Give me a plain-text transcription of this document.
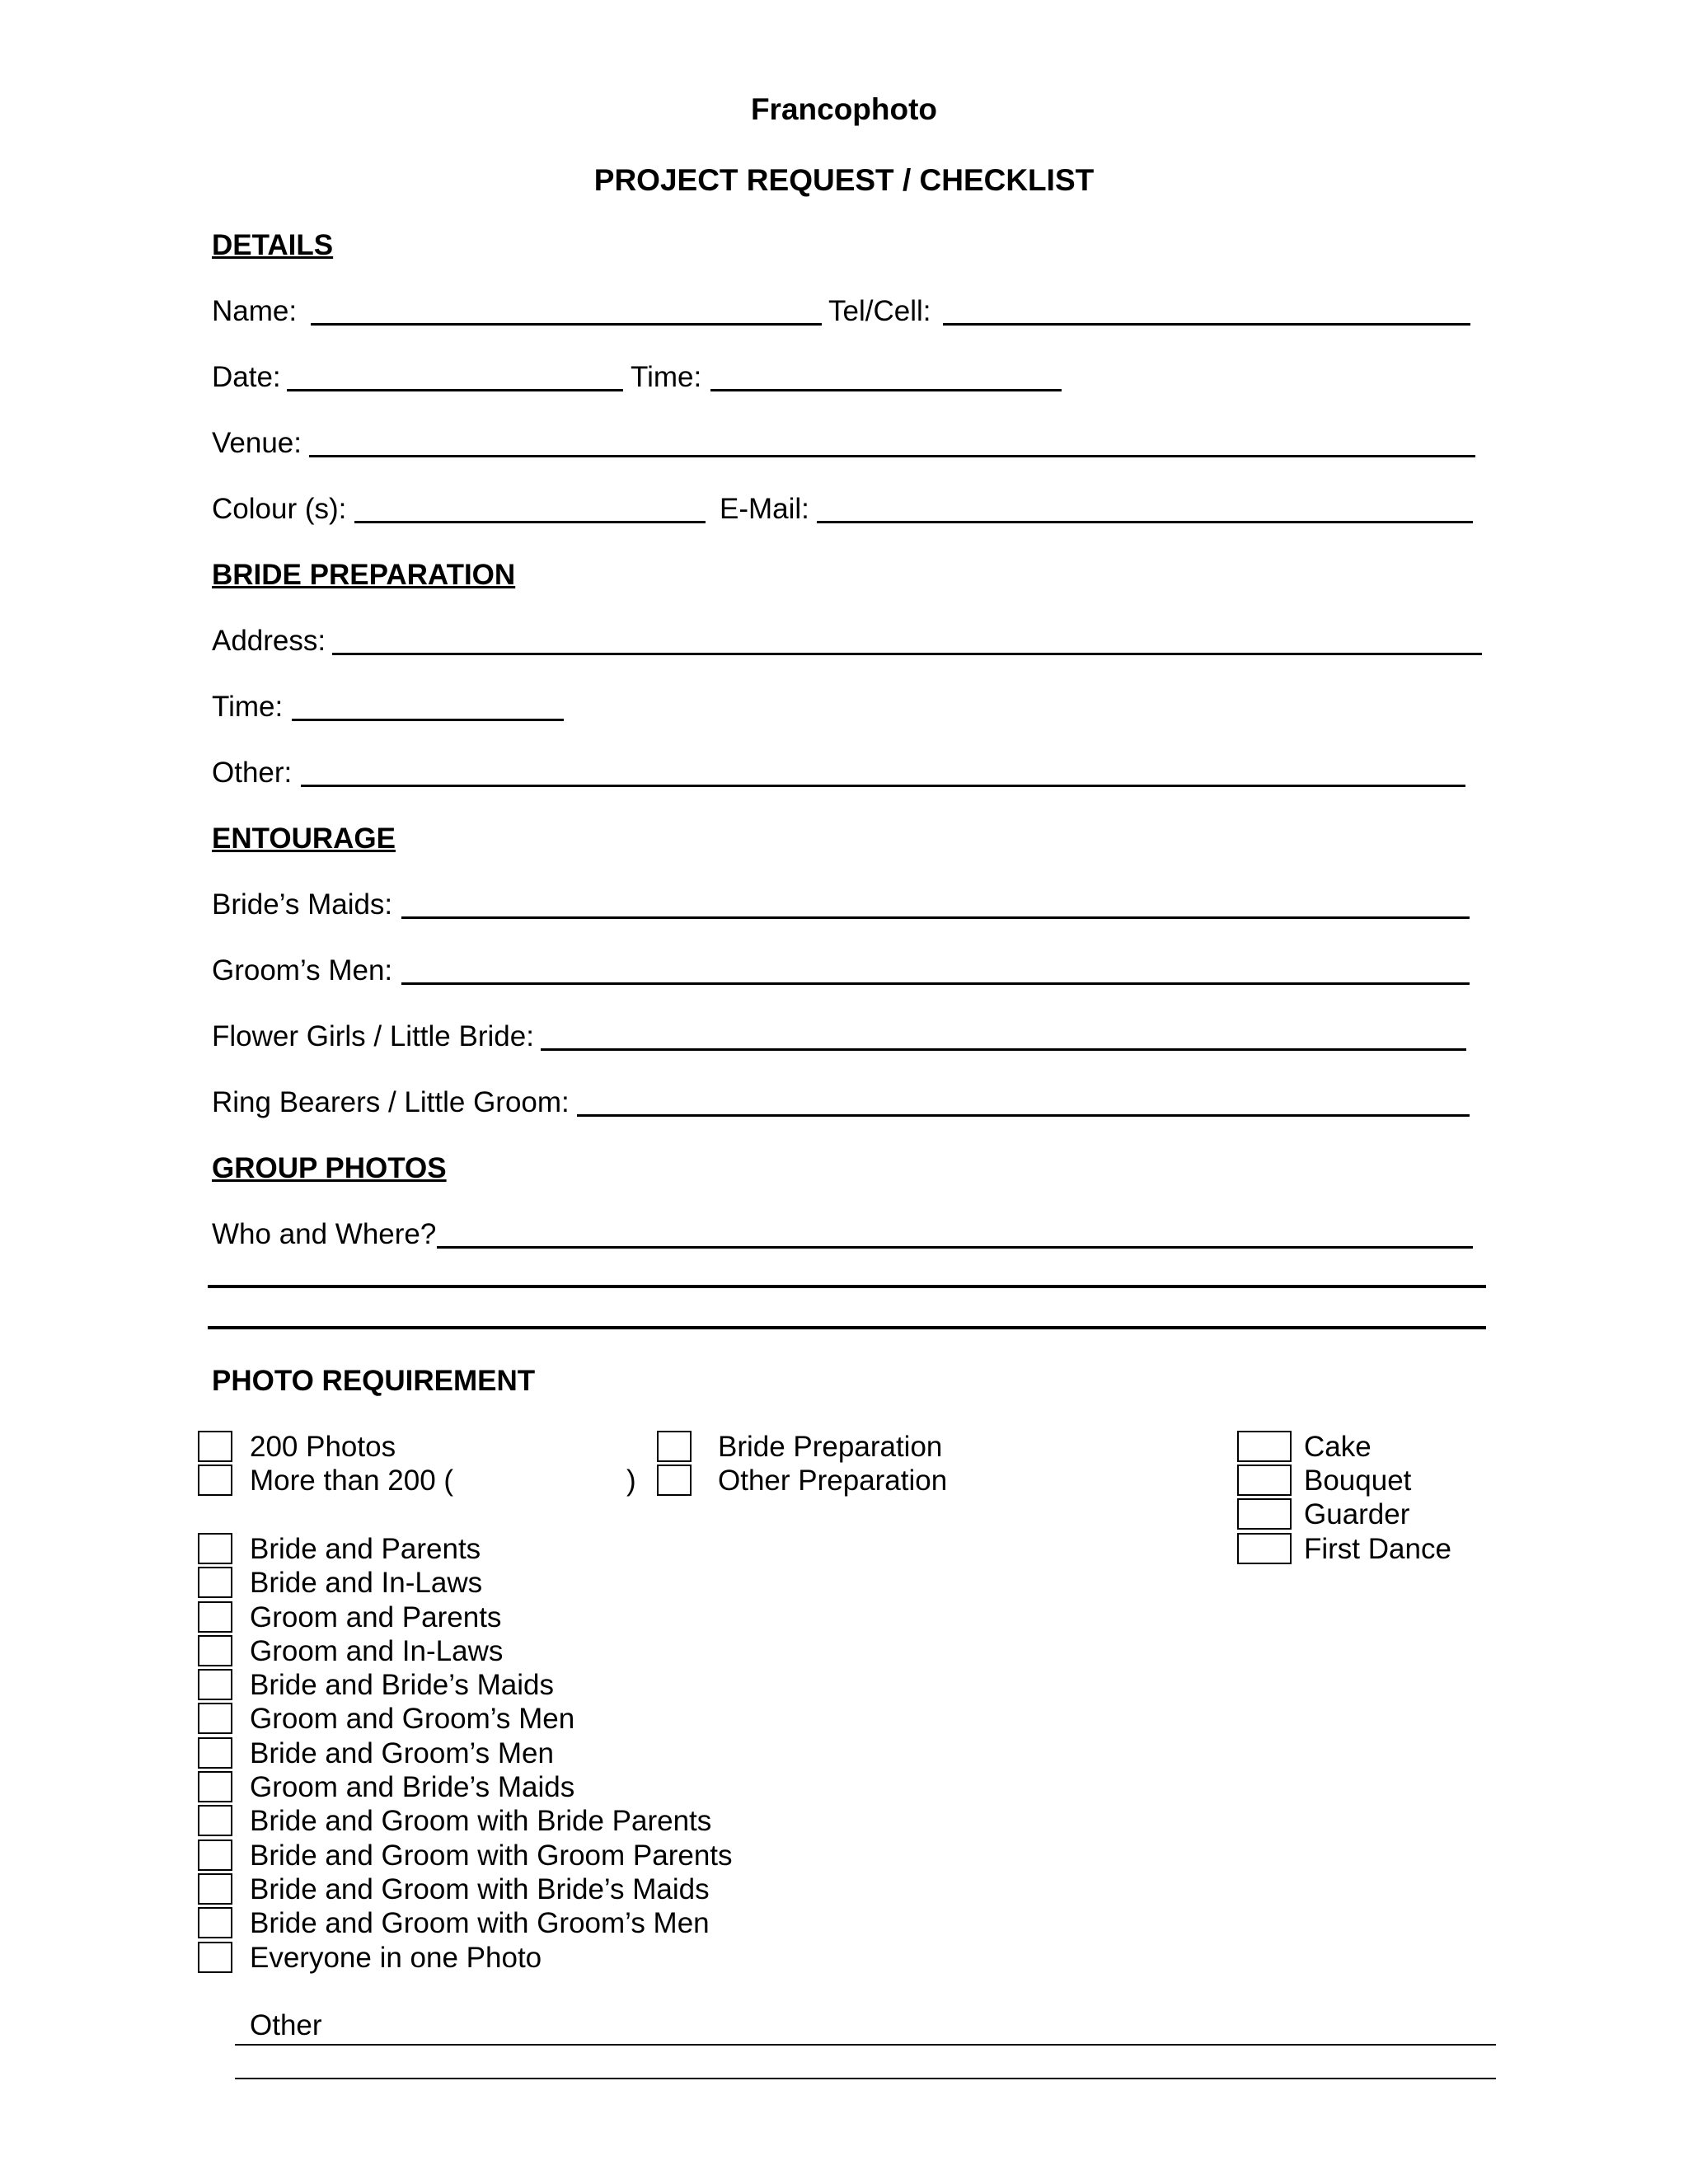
Francophoto
PROJECT REQUEST / CHECKLIST
DETAILS
Name:	Tel/Cell:
Date:	Time:
Venue:
Colour (s):	E-Mail:
BRIDE PREPARATION
Address:
Time:
Other:
ENTOURAGE
Bride’s Maids:
Groom’s Men:
Flower Girls / Little Bride:
Ring Bearers / Little Groom:
GROUP PHOTOS
Who and Where?
PHOTO REQUIREMENT
200 Photos
More than 200 (	)
Bride Preparation
Other Preparation
Cake
Bouquet
Guarder
First Dance
Bride and Parents
Bride and In-Laws
Groom and Parents
Groom and In-Laws
Bride and Bride’s Maids
Groom and Groom’s Men
Bride and Groom’s Men
Groom and Bride’s Maids
Bride and Groom with Bride Parents
Bride and Groom with Groom Parents
Bride and Groom with Bride’s Maids
Bride and Groom with Groom’s Men
Everyone in one Photo
Other
